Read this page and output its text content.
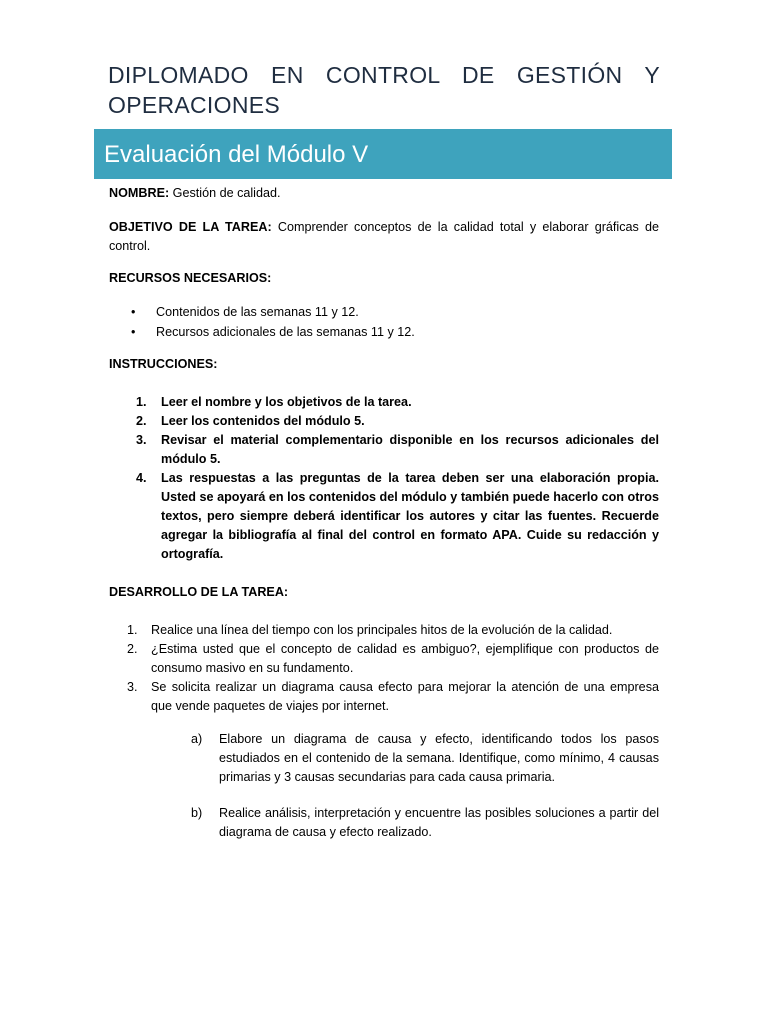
DIPLOMADO EN CONTROL DE GESTIÓN Y
OPERACIONES
Evaluación del Módulo V

NOMBRE: Gestión de calidad.

OBJETIVO DE LA TAREA: Comprender conceptos de la calidad total y elaborar gráficas de control.

RECURSOS NECESARIOS:

• Contenidos de las semanas 11 y 12.
• Recursos adicionales de las semanas 11 y 12.

INSTRUCCIONES:

1. Leer el nombre y los objetivos de la tarea.
2. Leer los contenidos del módulo 5.
3. Revisar el material complementario disponible en los recursos adicionales del módulo 5.
4. Las respuestas a las preguntas de la tarea deben ser una elaboración propia. Usted se apoyará en los contenidos del módulo y también puede hacerlo con otros textos, pero siempre deberá identificar los autores y citar las fuentes. Recuerde agregar la bibliografía al final del control en formato APA. Cuide su redacción y ortografía.

DESARROLLO DE LA TAREA:

1. Realice una línea del tiempo con los principales hitos de la evolución de la calidad.
2. ¿Estima usted que el concepto de calidad es ambiguo?, ejemplifique con productos de consumo masivo en su fundamento.
3. Se solicita realizar un diagrama causa efecto para mejorar la atención de una empresa que vende paquetes de viajes por internet.
a) Elabore un diagrama de causa y efecto, identificando todos los pasos estudiados en el contenido de la semana. Identifique, como mínimo, 4 causas primarias y 3 causas secundarias para cada causa primaria.
b) Realice análisis, interpretación y encuentre las posibles soluciones a partir del diagrama de causa y efecto realizado.
